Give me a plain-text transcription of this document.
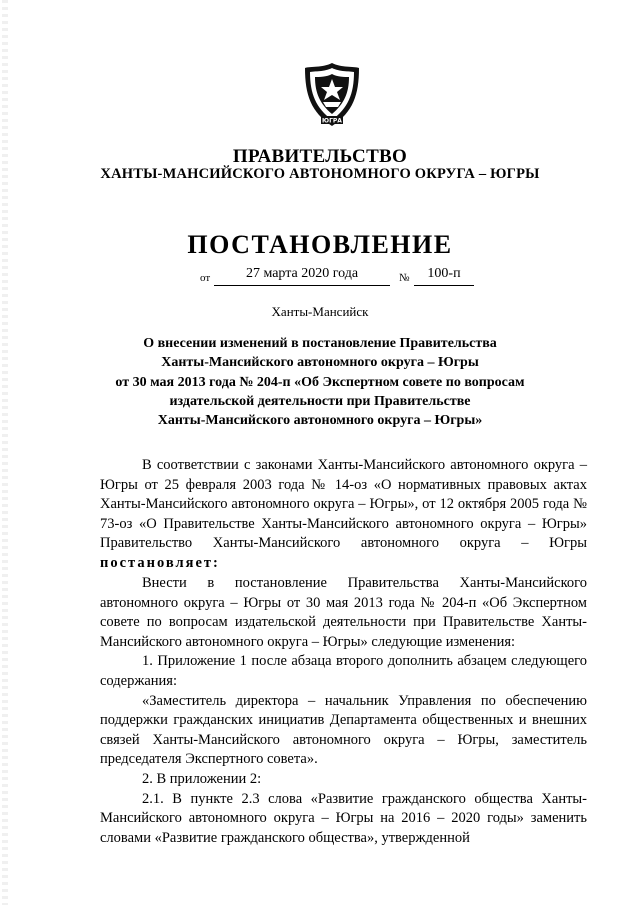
ЮГРА

ПРАВИТЕЛЬСТВО

ХАНТЫ-МАНСИЙСКОГО АВТОНОМНОГО ОКРУГА – ЮГРЫ

ПОСТАНОВЛЕНИЕ

от	27 марта 2020 года	№	100-п

Ханты-Мансийск

О внесении изменений в постановление Правительства
Ханты-Мансийского автономного округа – Югры
от 30 мая 2013 года № 204-п «Об Экспертном совете по вопросам
издательской деятельности при Правительстве
Ханты-Мансийского автономного округа – Югры»

В соответствии с законами Ханты-Мансийского автономного округа – Югры от 25 февраля 2003 года № 14-оз «О нормативных правовых актах Ханты-Мансийского автономного округа – Югры», от 12 октября 2005 года № 73-оз «О Правительстве Ханты-Мансийского автономного округа – Югры» Правительство Ханты-Мансийского автономного округа – Югры постановляет:

Внести в постановление Правительства Ханты-Мансийского автономного округа – Югры от 30 мая 2013 года № 204-п «Об Экспертном совете по вопросам издательской деятельности при Правительстве Ханты-Мансийского автономного округа – Югры» следующие изменения:

1. Приложение 1 после абзаца второго дополнить абзацем следующего содержания:

«Заместитель директора – начальник Управления по обеспечению поддержки гражданских инициатив Департамента общественных и внешних связей Ханты-Мансийского автономного округа – Югры, заместитель председателя Экспертного совета».

2. В приложении 2:

2.1. В пункте 2.3 слова «Развитие гражданского общества Ханты-Мансийского автономного округа – Югры на 2016 – 2020 годы» заменить словами «Развитие гражданского общества», утвержденной
